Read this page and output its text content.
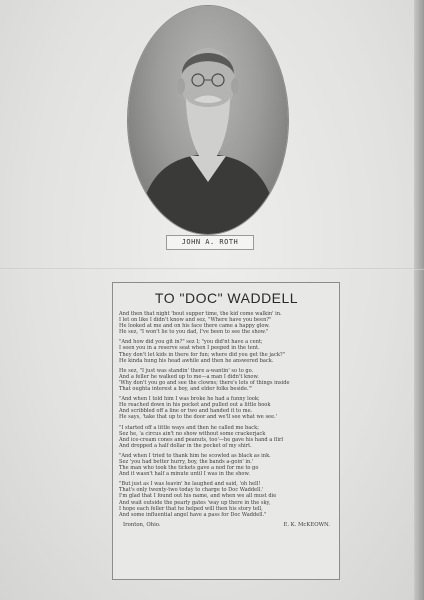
JOHN A. ROTH
TO "DOC" WADDELL
And then that night 'bout supper time, the kid come walkin' in.
I let on like I didn't know and sez, "Where have you been?"
He looked at me and on his face there came a happy glow.
He sez, "I won't lie to you dad, I've been to see the show."
"And how did you git in?" sez I; "you did'nt have a cent;
I seen you in a reserve seat when I peeped in the tent.
They don't let kids in there for fun; where did you get the jack?"
He kinda hung his head awhile and then he answered back.
He sez, "I just was standin' there a-wantin' so to go.
And a feller he walked up to me—a man I didn't know.
'Why don't you go and see the clowns; there's lots of things inside
That oughta interest a boy, and elder folks beside.'"
"And when I told him I was broke he had a funny look;
He reached down in his pocket and pulled out a little book
And scribbled off a line or two and handed it to me.
He says, 'take that up to the door and we'll see what we see.'
"I started off a little ways and then he called me back;
Sez he, 'a circus ain't no show without some crackerjack
And ice-cream cones and peanuts, too'—he gave his hand a flirl
And dropped a half dollar in the pocket of my shirt.
"And when I tried to thank him he scowled as black as ink.
Sez 'you had better hurry, boy, the bands a-goin' in.'
The man who took the tickets gave a nod for me to go
And it wasn't half a minute until I was in the show.
"But just as I was leavin' he laughed and said, 'oh hell!
That's only twenty-two today to charge to Doc Waddell.'
I'm glad that I found out his name, and when we all must die
And wait outside the pearly gates 'way up there in the sky,
I hope each feller that he helped will then his story tell,
And some influential angel have a pass for Doc Waddell."
Ironton, Ohio.	E. K. McKEOWN.
